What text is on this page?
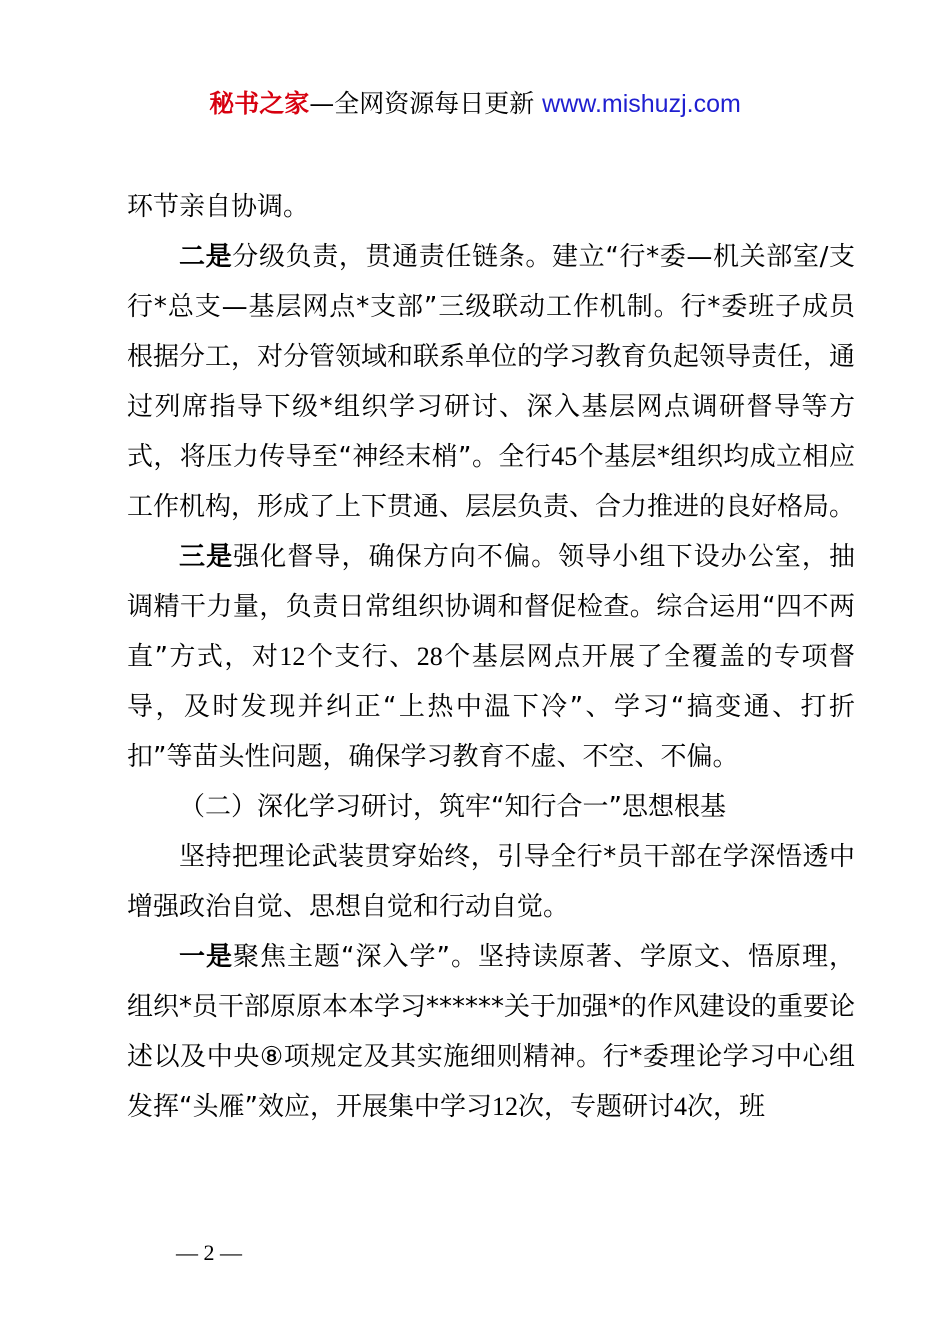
秘书之家—全网资源每日更新 www.mishuzj.com

环节亲自协调。

二是分级负责，贯通责任链条。建立“行*委—机关部室/支行*总支—基层网点*支部”三级联动工作机制。行*委班子成员根据分工，对分管领域和联系单位的学习教育负起领导责任，通过列席指导下级*组织学习研讨、深入基层网点调研督导等方式，将压力传导至“神经末梢”。全行45个基层*组织均成立相应工作机构，形成了上下贯通、层层负责、合力推进的良好格局。

三是强化督导，确保方向不偏。领导小组下设办公室，抽调精干力量，负责日常组织协调和督促检查。综合运用“四不两直”方式，对12个支行、28个基层网点开展了全覆盖的专项督导，及时发现并纠正“上热中温下冷”、学习“搞变通、打折扣”等苗头性问题，确保学习教育不虚、不空、不偏。

（二）深化学习研讨，筑牢“知行合一”思想根基

坚持把理论武装贯穿始终，引导全行*员干部在学深悟透中增强政治自觉、思想自觉和行动自觉。

一是聚焦主题“深入学”。坚持读原著、学原文、悟原理，组织*员干部原原本本学习******关于加强*的作风建设的重要论述以及中央⑧项规定及其实施细则精神。行*委理论学习中心组发挥“头雁”效应，开展集中学习12次，专题研讨4次，班

— 2 —
